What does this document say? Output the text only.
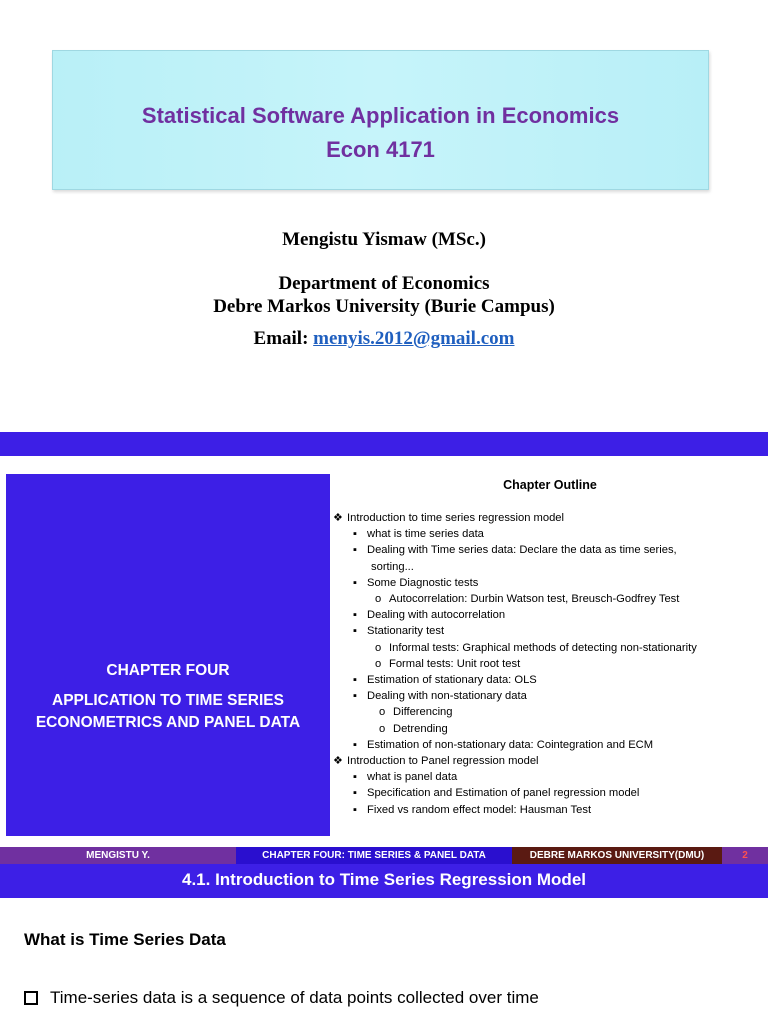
Statistical Software Application in Economics
Econ 4171
Mengistu Yismaw (MSc.)
Department of Economics
Debre Markos University (Burie Campus)
Email: menyis.2012@gmail.com
CHAPTER FOUR
APPLICATION TO TIME SERIES
ECONOMETRICS AND PANEL DATA
Chapter Outline
❖ Introduction to time series regression model
▪ what is time series data
▪ Dealing with Time series data: Declare the data as time series,
sorting...
▪ Some Diagnostic tests
o Autocorrelation: Durbin Watson test, Breusch-Godfrey Test
▪ Dealing with autocorrelation
▪ Stationarity test
o Informal tests: Graphical methods of detecting non-stationarity
o Formal tests: Unit root test
▪ Estimation of stationary data: OLS
▪ Dealing with non-stationary data
o Differencing
o Detrending
▪ Estimation of non-stationary data: Cointegration and ECM
❖ Introduction to Panel regression model
▪ what is panel data
▪ Specification and Estimation of panel regression model
▪ Fixed vs random effect model: Hausman Test
MENGISTU Y.	CHAPTER FOUR: TIME SERIES & PANEL DATA	DEBRE MARKOS UNIVERSITY(DMU)	2
4.1. Introduction to Time Series Regression Model
What is Time Series Data
Time-series data is a sequence of data points collected over time
